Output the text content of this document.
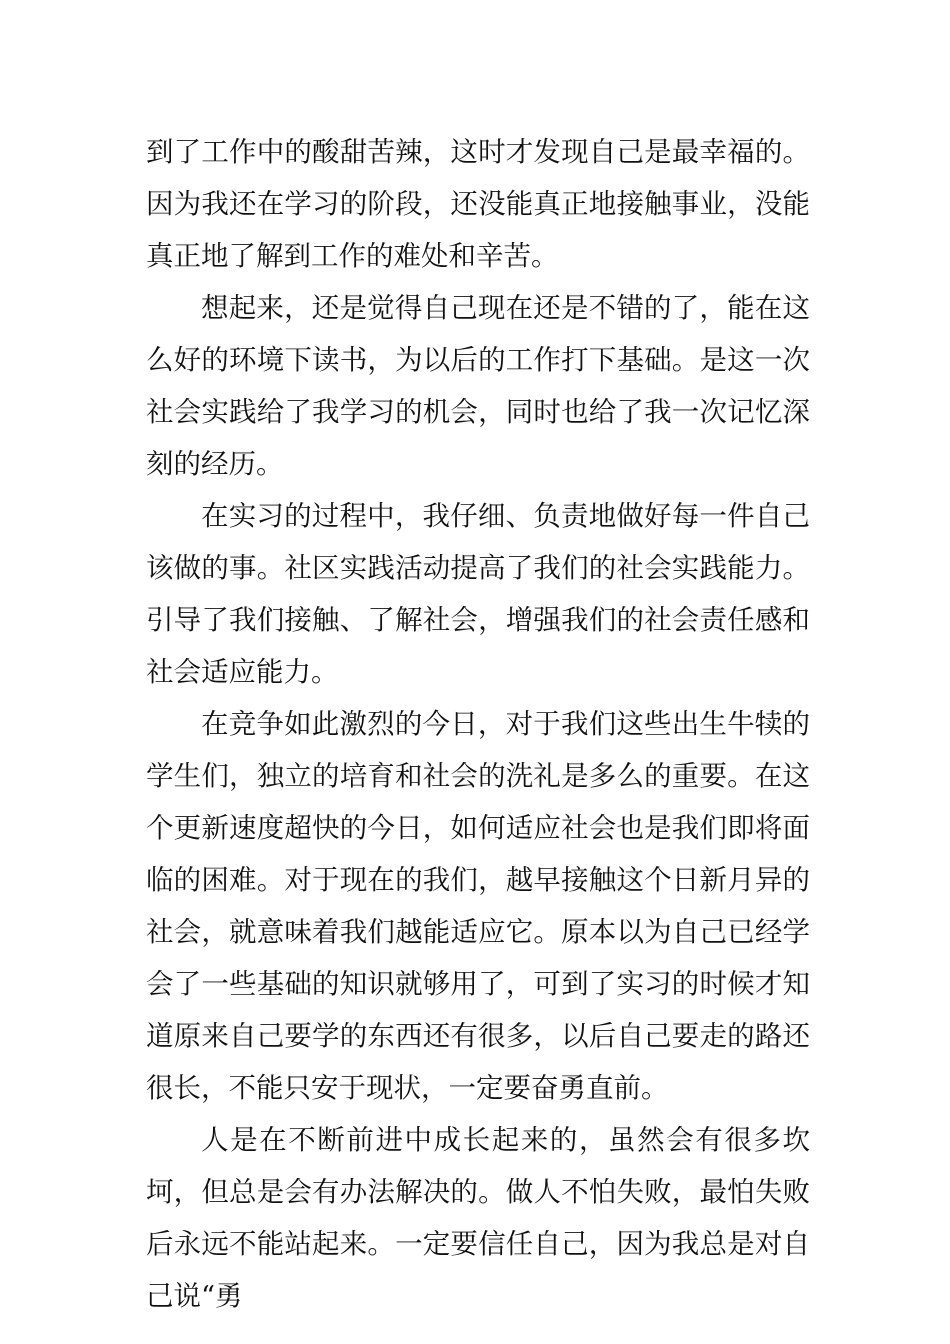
到了工作中的酸甜苦辣，这时才发现自己是最幸福的。因为我还在学习的阶段，还没能真正地接触事业，没能真正地了解到工作的难处和辛苦。

想起来，还是觉得自己现在还是不错的了，能在这么好的环境下读书，为以后的工作打下基础。是这一次社会实践给了我学习的机会，同时也给了我一次记忆深刻的经历。

在实习的过程中，我仔细、负责地做好每一件自己该做的事。社区实践活动提高了我们的社会实践能力。引导了我们接触、了解社会，增强我们的社会责任感和社会适应能力。

在竞争如此激烈的今日，对于我们这些出生牛犊的学生们，独立的培育和社会的洗礼是多么的重要。在这个更新速度超快的今日，如何适应社会也是我们即将面临的困难。对于现在的我们，越早接触这个日新月异的社会，就意味着我们越能适应它。原本以为自己已经学会了一些基础的知识就够用了，可到了实习的时候才知道原来自己要学的东西还有很多，以后自己要走的路还很长，不能只安于现状，一定要奋勇直前。

人是在不断前进中成长起来的，虽然会有很多坎坷，但总是会有办法解决的。做人不怕失败，最怕失败后永远不能站起来。一定要信任自己，因为我总是对自己说“勇
